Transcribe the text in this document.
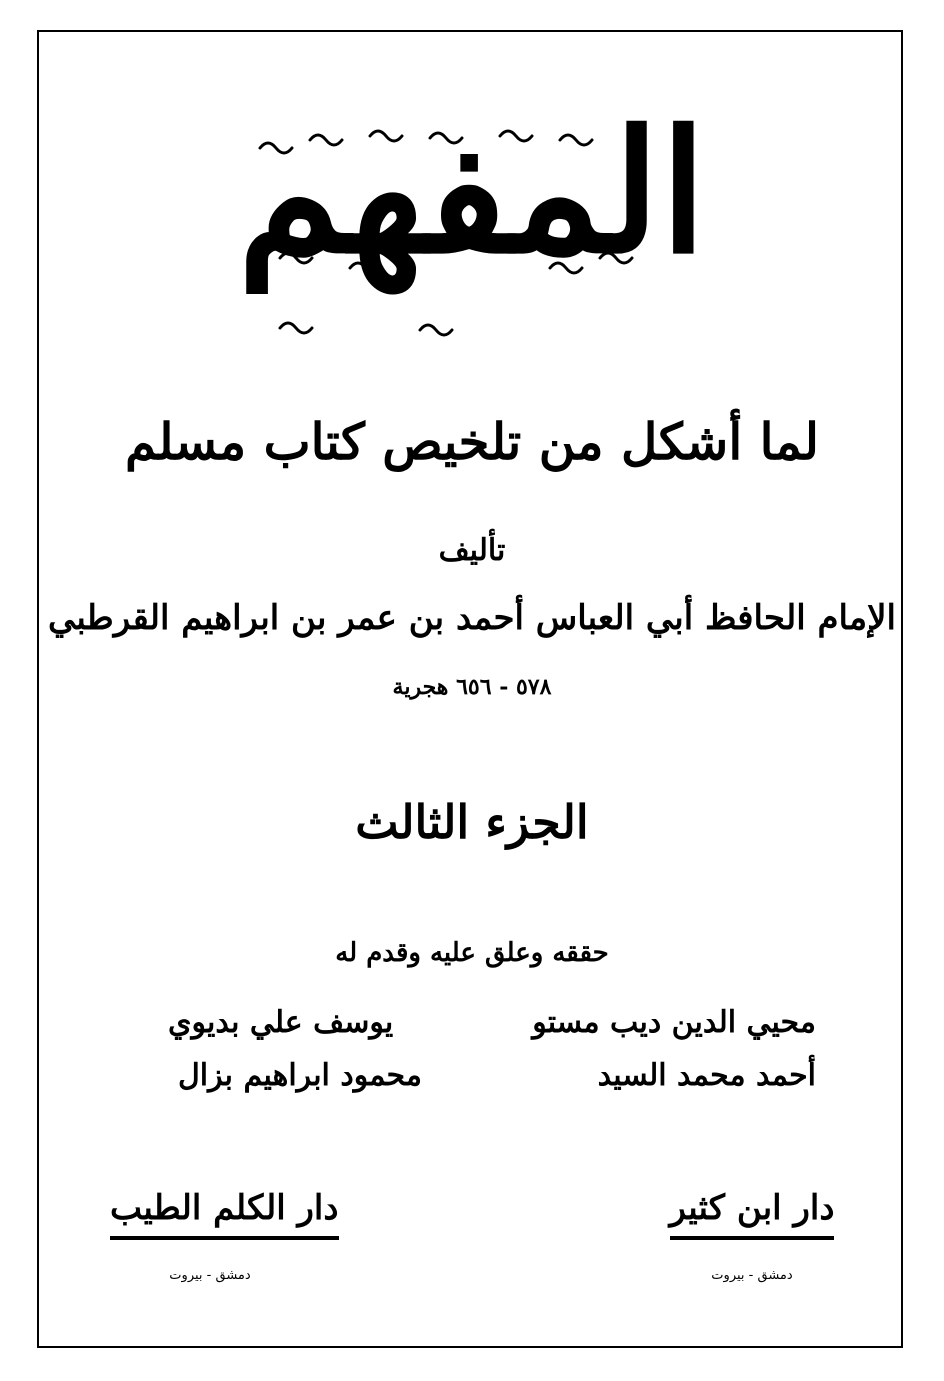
المفهم
لما أشكل من تلخيص كتاب مسلم
تأليف
الإمام الحافظ أبي العباس أحمد بن عمر بن ابراهيم القرطبي
٥٧٨ - ٦٥٦ هجرية
الجزء الثالث
حققه وعلق عليه وقدم له
محيي الدين ديب مستو
أحمد محمد السيد
يوسف علي بديوي
محمود ابراهيم بزال
دار ابن كثير
دمشق - بيروت
دار الكلم الطيب
دمشق - بيروت
